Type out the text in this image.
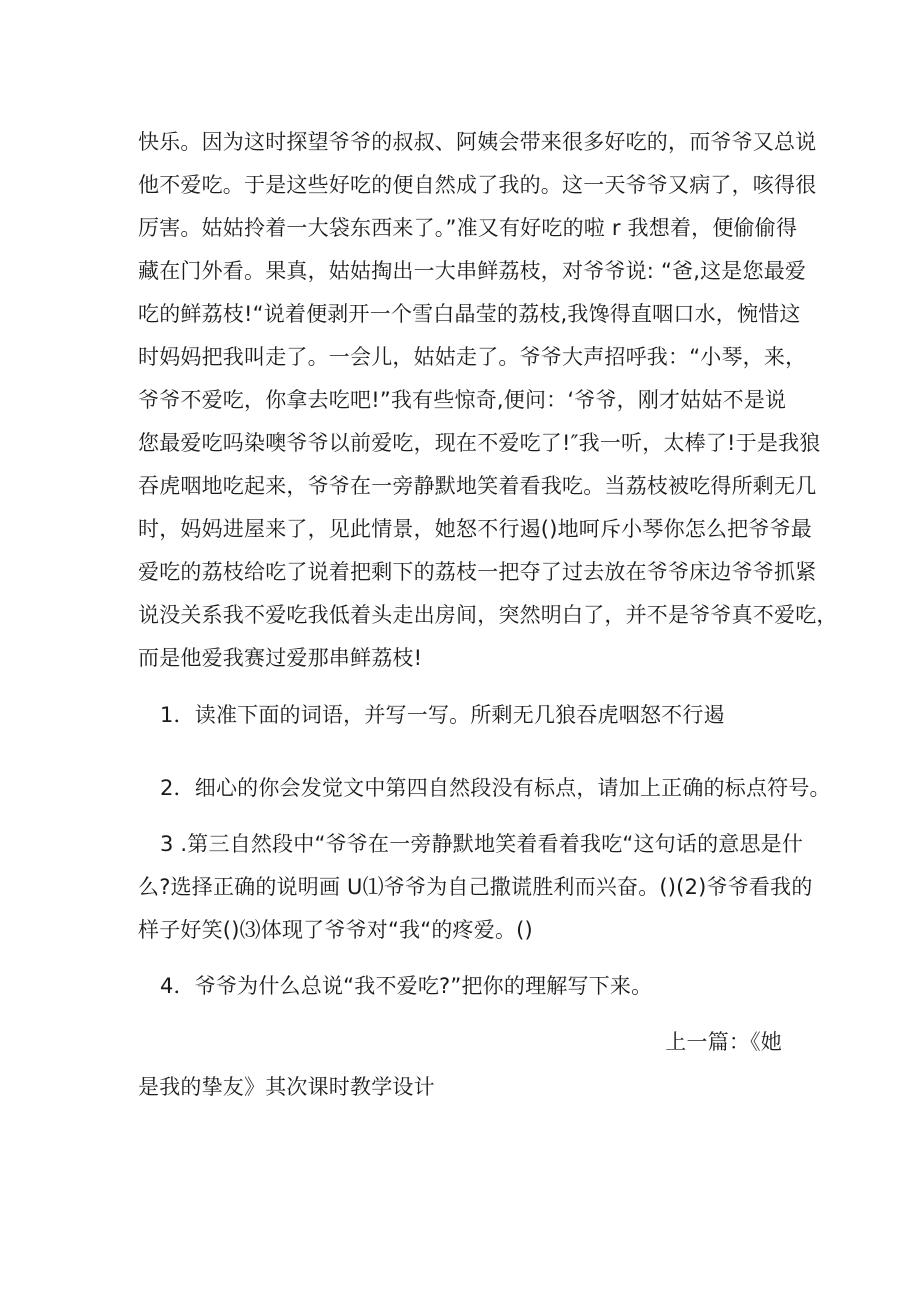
快乐。因为这时探望爷爷的叔叔、阿姨会带来很多好吃的，而爷爷又总说
他不爱吃。于是这些好吃的便自然成了我的。这一天爷爷又病了，咳得很
厉害。姑姑拎着一大袋东西来了。”准又有好吃的啦 r 我想着，便偷偷得
藏在门外看。果真，姑姑掏出一大串鲜荔枝，对爷爷说: “爸,这是您最爱
吃的鲜荔枝!“说着便剥开一个雪白晶莹的荔枝,我馋得直咽口水，惋惜这
时妈妈把我叫走了。一会儿，姑姑走了。爷爷大声招呼我：“小琴，来，
爷爷不爱吃，你拿去吃吧!”我有些惊奇,便问：‘爷爷，刚才姑姑不是说
您最爱吃吗染噢爷爷以前爱吃，现在不爱吃了!″我一听，太棒了!于是我狼
吞虎咽地吃起来，爷爷在一旁静默地笑着看我吃。当荔枝被吃得所剩无几
时，妈妈进屋来了，见此情景，她怒不行遏()地呵斥小琴你怎么把爷爷最
爱吃的荔枝给吃了说着把剩下的荔枝一把夺了过去放在爷爷床边爷爷抓紧
说没关系我不爱吃我低着头走出房间，突然明白了，并不是爷爷真不爱吃，
而是他爱我赛过爱那串鲜荔枝!
1．读准下面的词语，并写一写。所剩无几狼吞虎咽怒不行遏
2．细心的你会发觉文中第四自然段没有标点，请加上正确的标点符号。
3 .第三自然段中“爷爷在一旁静默地笑着看着我吃“这句话的意思是什
么?选择正确的说明画 U⑴爷爷为自己撒谎胜利而兴奋。()(2)爷爷看我的
样子好笑()⑶体现了爷爷对“我“的疼爱。()
4．爷爷为什么总说“我不爱吃?”把你的理解写下来。
上一篇：《她
是我的挚友》其次课时教学设计
